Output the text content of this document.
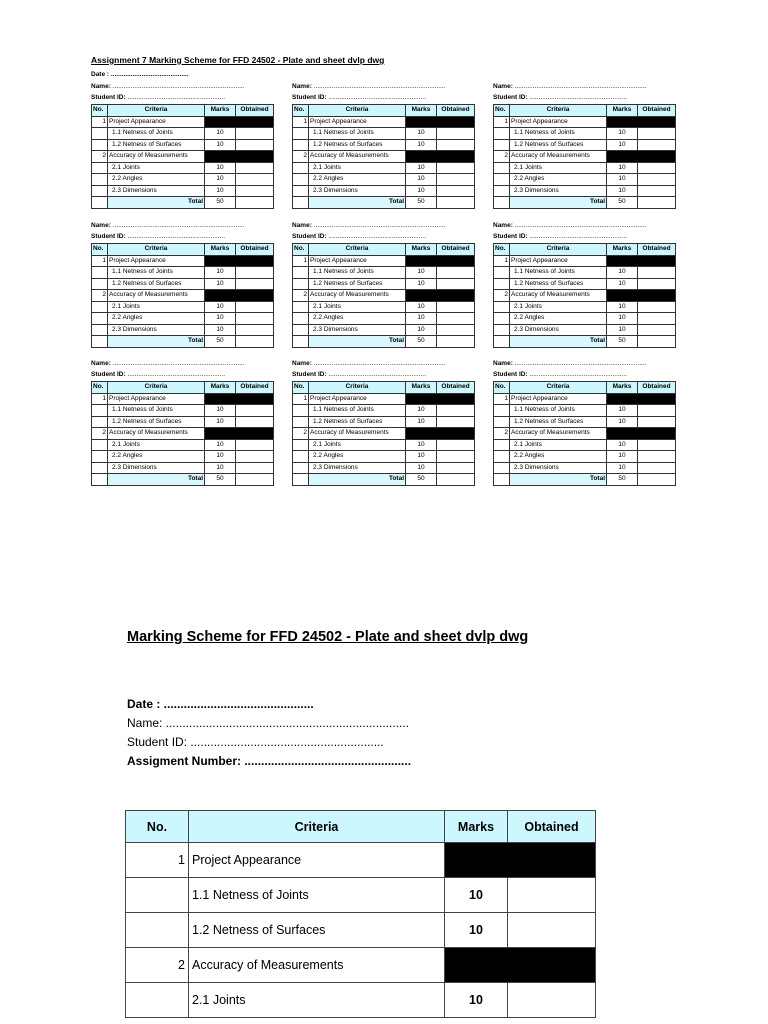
Assignment 7 Marking Scheme for FFD 24502 - Plate and sheet dvlp dwg
Date : ...........................................
Name: .........................................................................
Student ID: ......................................................
No.	Criteria	Marks	Obtained
1	Project Appearance		
	1.1 Netness of Joints	10	
	1.2 Netness of Surfaces	10	
2	Accuracy of Measurements		
	2.1 Joints	10	
	2.2 Angles	10	
	2.3 Dimensions	10	
	Total	50	
Name: .........................................................................
Student ID: ......................................................
No.	Criteria	Marks	Obtained
1	Project Appearance		
	1.1 Netness of Joints	10	
	1.2 Netness of Surfaces	10	
2	Accuracy of Measurements		
	2.1 Joints	10	
	2.2 Angles	10	
	2.3 Dimensions	10	
	Total	50	
Name: .........................................................................
Student ID: ......................................................
No.	Criteria	Marks	Obtained
1	Project Appearance		
	1.1 Netness of Joints	10	
	1.2 Netness of Surfaces	10	
2	Accuracy of Measurements		
	2.1 Joints	10	
	2.2 Angles	10	
	2.3 Dimensions	10	
	Total	50	
Name: .........................................................................
Student ID: ......................................................
No.	Criteria	Marks	Obtained
1	Project Appearance		
	1.1 Netness of Joints	10	
	1.2 Netness of Surfaces	10	
2	Accuracy of Measurements		
	2.1 Joints	10	
	2.2 Angles	10	
	2.3 Dimensions	10	
	Total	50	
Name: .........................................................................
Student ID: ......................................................
No.	Criteria	Marks	Obtained
1	Project Appearance		
	1.1 Netness of Joints	10	
	1.2 Netness of Surfaces	10	
2	Accuracy of Measurements		
	2.1 Joints	10	
	2.2 Angles	10	
	2.3 Dimensions	10	
	Total	50	
Name: .........................................................................
Student ID: ......................................................
No.	Criteria	Marks	Obtained
1	Project Appearance		
	1.1 Netness of Joints	10	
	1.2 Netness of Surfaces	10	
2	Accuracy of Measurements		
	2.1 Joints	10	
	2.2 Angles	10	
	2.3 Dimensions	10	
	Total	50	
Name: .........................................................................
Student ID: ......................................................
No.	Criteria	Marks	Obtained
1	Project Appearance		
	1.1 Netness of Joints	10	
	1.2 Netness of Surfaces	10	
2	Accuracy of Measurements		
	2.1 Joints	10	
	2.2 Angles	10	
	2.3 Dimensions	10	
	Total	50	
Name: .........................................................................
Student ID: ......................................................
No.	Criteria	Marks	Obtained
1	Project Appearance		
	1.1 Netness of Joints	10	
	1.2 Netness of Surfaces	10	
2	Accuracy of Measurements		
	2.1 Joints	10	
	2.2 Angles	10	
	2.3 Dimensions	10	
	Total	50	
Name: .........................................................................
Student ID: ......................................................
No.	Criteria	Marks	Obtained
1	Project Appearance		
	1.1 Netness of Joints	10	
	1.2 Netness of Surfaces	10	
2	Accuracy of Measurements		
	2.1 Joints	10	
	2.2 Angles	10	
	2.3 Dimensions	10	
	Total	50	
Marking Scheme for FFD 24502 - Plate and sheet dvlp dwg
Date : .............................................
Name: .........................................................................
Student ID: ..........................................................
Assigment Number: ..................................................
No.	Criteria	Marks	Obtained
1	Project Appearance		
	1.1 Netness of Joints	10	
	1.2 Netness of Surfaces	10	
2	Accuracy of Measurements		
	2.1 Joints	10	
